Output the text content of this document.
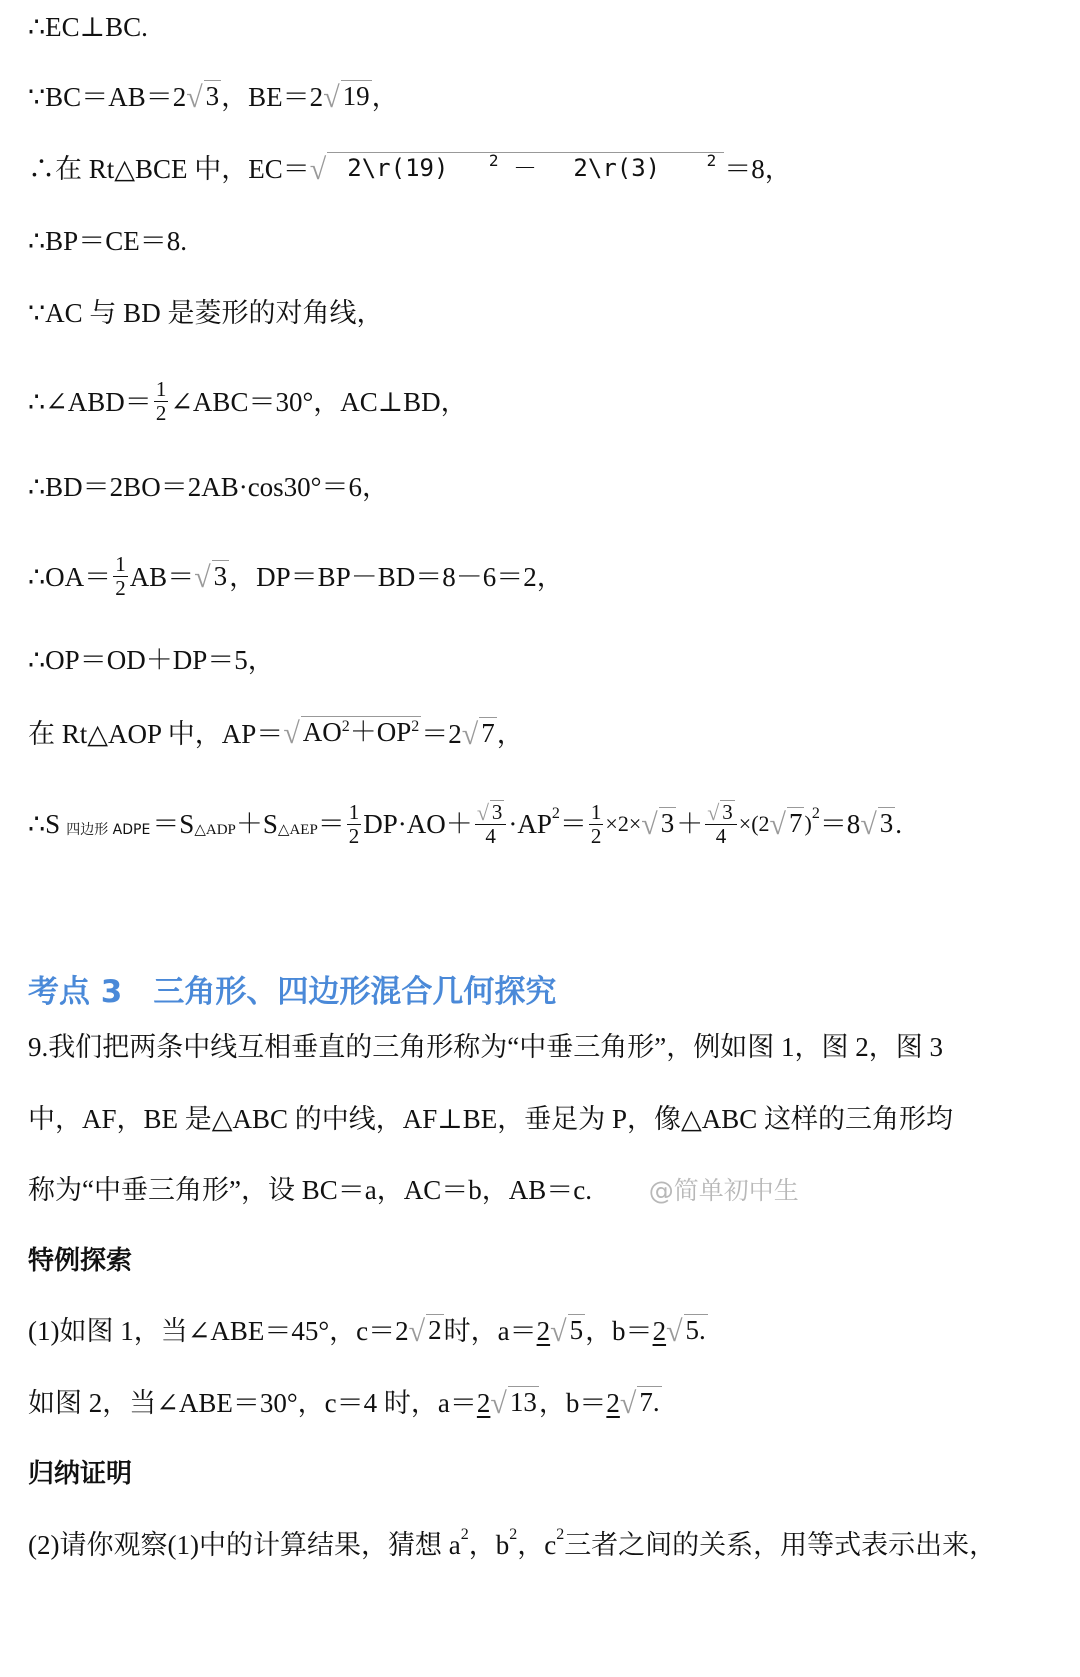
∴EC⊥BC.
∵BC＝AB＝2 √ 3 ，BE＝2 √ 19 ，
∴在 Rt△BCE 中，EC＝ √ 2\r(19)	$^2$ － 2\r(3)	$^2$ ＝8，
∴BP＝CE＝8.
∵AC 与 BD 是菱形的对角线，
∴∠ABD＝ $\frac{1}{2}$ ∠ABC＝30°，AC⊥BD，
∴BD＝2BO＝2AB·cos30°＝6，
∴OA＝ $\frac{1}{2} AB=$ √ 3 ，DP＝BP－BD＝8－6＝2，
∴OP＝OD＋DP＝5，
在 Rt△AOP 中，AP＝ √ $AO^2+OP^2 =2$ √ 7 ，
∴S 四边形 ADPE ＝S △ADP ＋S △AEP ＝ $\frac{1}{2} DP\cdot AO+ \frac{√ 3}{4} \cdot AP$ $2 = \frac{1}{2} \times 2\times$ √ $3 + \frac{√ 3}{4} \times(2$ √ 7 ) 2 ＝8 √ 3 .
考点 3　三角形、四边形混合几何探究
9.我们把两条中线互相垂直的三角形称为“中垂三角形”，例如图 1，图 2，图 3
中，AF，BE 是△ABC 的中线，AF⊥BE，垂足为 P，像△ABC 这样的三角形均
称为“中垂三角形”，设 BC＝a，AC＝b，AB＝c. @简单初中生
特例探索
(1)如图 1，当∠ABE＝45°，c＝2 √ 2 时，a＝ 2 √ 5 ，b＝ 2 √ 5.
如图 2，当∠ABE＝30°，c＝4 时，a＝ 2 √ 13 ，b＝ 2 √ 7.
归纳证明
(2)请你观察(1)中的计算结果，猜想 a 2 ，b 2 ，c 2 三者之间的关系，用等式表示出来，
